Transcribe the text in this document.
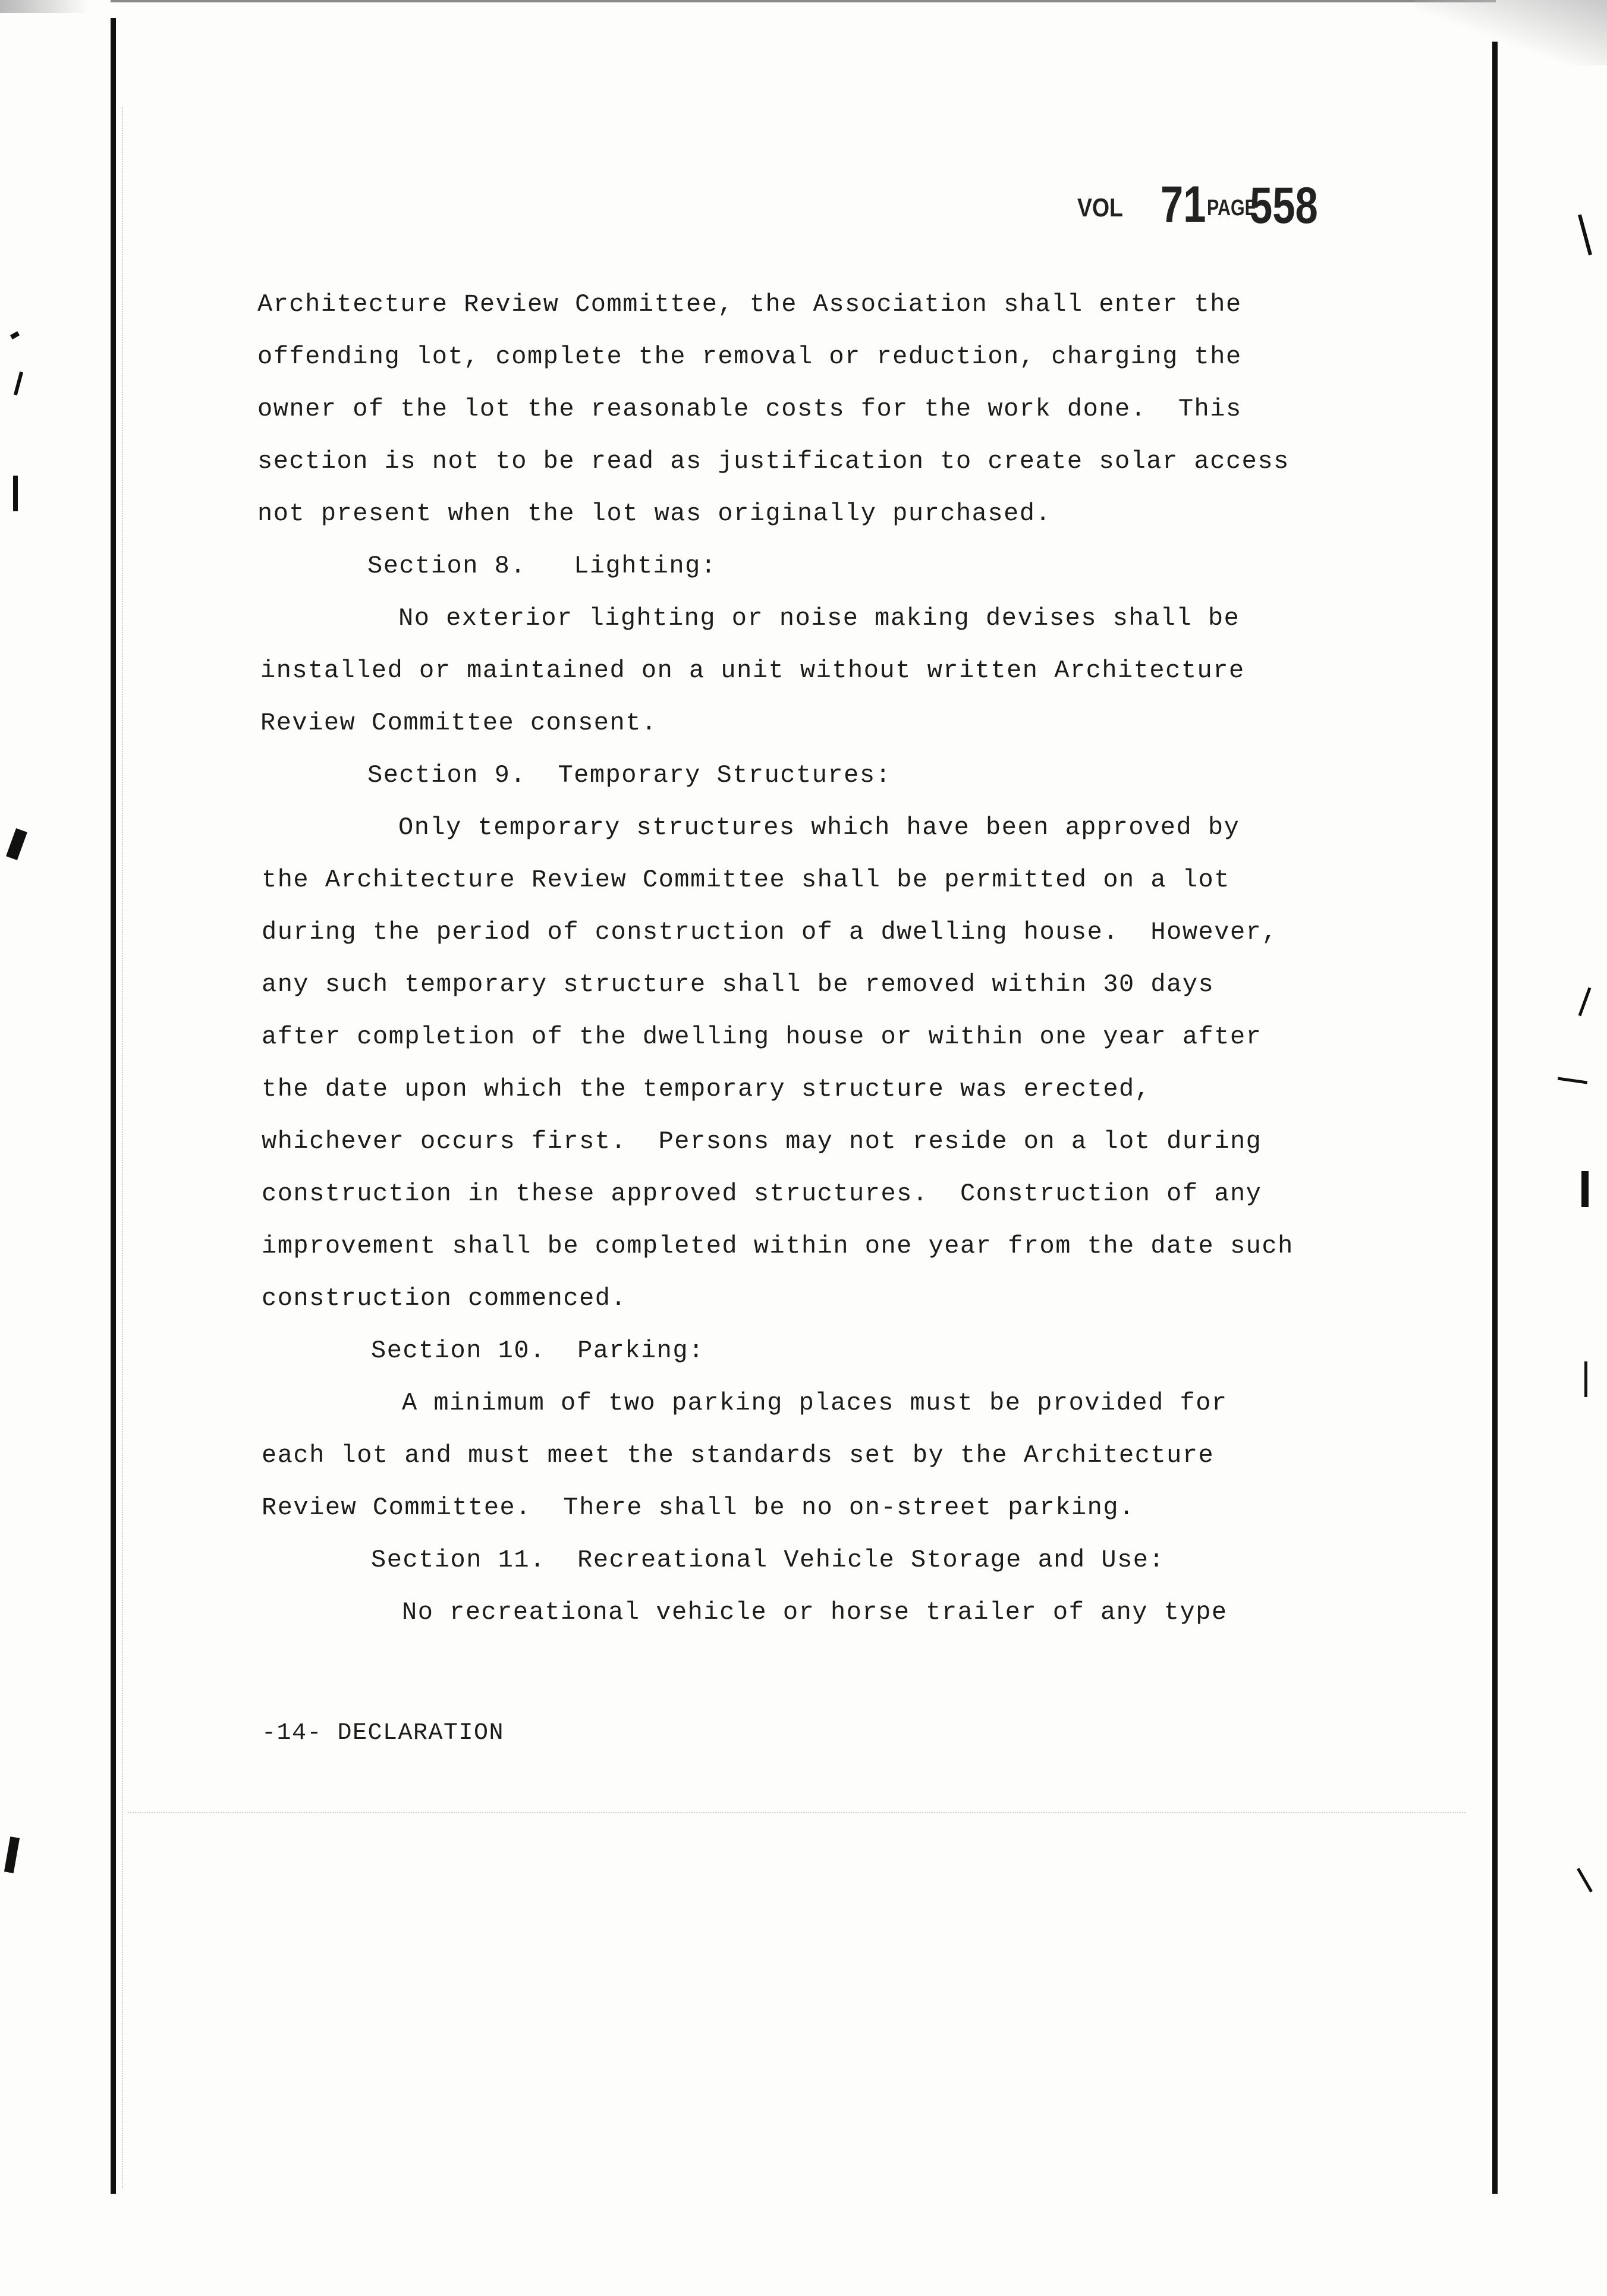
VOL 71 PAGE
558
Architecture Review Committee, the Association shall enter the
offending lot, complete the removal or reduction, charging the
owner of the lot the reasonable costs for the work done.  This
section is not to be read as justification to create solar access
not present when the lot was originally purchased.
Section 8.   Lighting:
No exterior lighting or noise making devises shall be
installed or maintained on a unit without written Architecture
Review Committee consent.
Section 9.  Temporary Structures:
Only temporary structures which have been approved by
the Architecture Review Committee shall be permitted on a lot
during the period of construction of a dwelling house.  However,
any such temporary structure shall be removed within 30 days
after completion of the dwelling house or within one year after
the date upon which the temporary structure was erected,
whichever occurs first.  Persons may not reside on a lot during
construction in these approved structures.  Construction of any
improvement shall be completed within one year from the date such
construction commenced.
Section 10.  Parking:
A minimum of two parking places must be provided for
each lot and must meet the standards set by the Architecture
Review Committee.  There shall be no on-street parking.
Section 11.  Recreational Vehicle Storage and Use:
No recreational vehicle or horse trailer of any type
-14- DECLARATION
